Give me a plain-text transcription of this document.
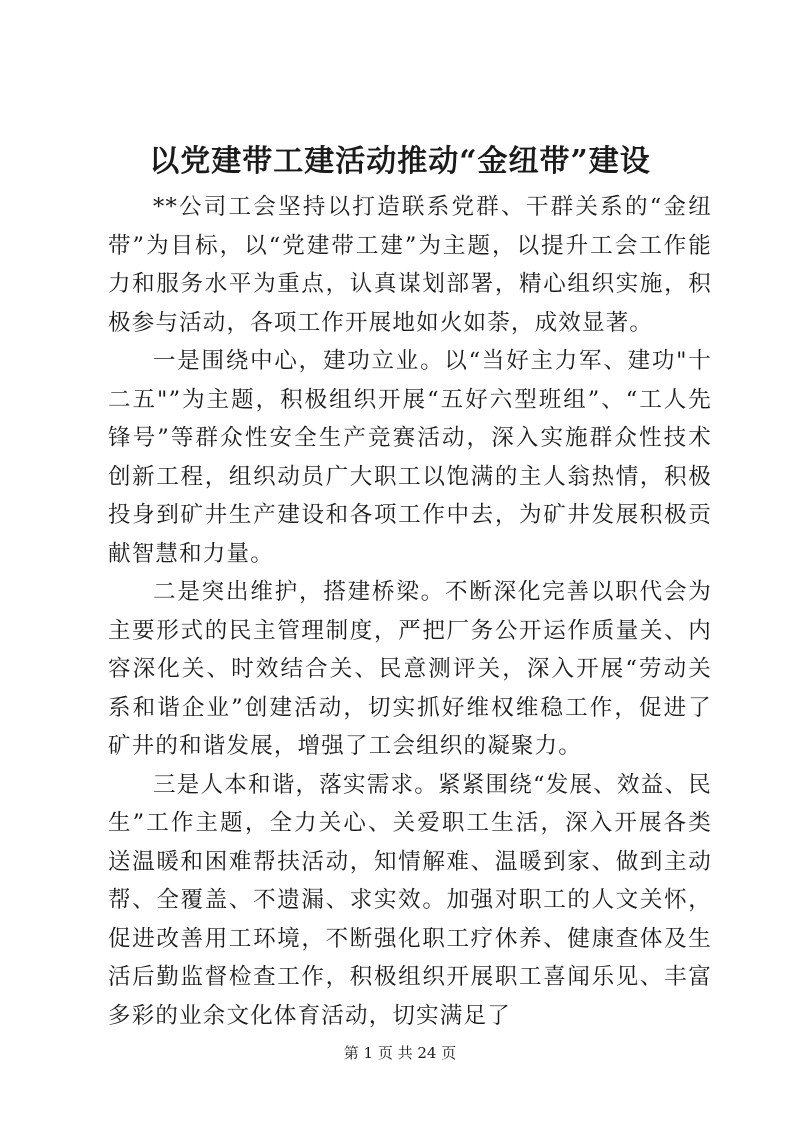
以党建带工建活动推动“金纽带”建设

**公司工会坚持以打造联系党群、干群关系的“金纽带”为目标，以“党建带工建”为主题，以提升工会工作能力和服务水平为重点，认真谋划部署，精心组织实施，积极参与活动，各项工作开展地如火如荼，成效显著。

一是围绕中心，建功立业。以“当好主力军、建功"十二五"”为主题，积极组织开展“五好六型班组”、“工人先锋号”等群众性安全生产竞赛活动，深入实施群众性技术创新工程，组织动员广大职工以饱满的主人翁热情，积极投身到矿井生产建设和各项工作中去，为矿井发展积极贡献智慧和力量。

二是突出维护，搭建桥梁。不断深化完善以职代会为主要形式的民主管理制度，严把厂务公开运作质量关、内容深化关、时效结合关、民意测评关，深入开展“劳动关系和谐企业”创建活动，切实抓好维权维稳工作，促进了矿井的和谐发展，增强了工会组织的凝聚力。

三是人本和谐，落实需求。紧紧围绕“发展、效益、民生”工作主题，全力关心、关爱职工生活，深入开展各类送温暖和困难帮扶活动，知情解难、温暖到家、做到主动帮、全覆盖、不遗漏、求实效。加强对职工的人文关怀，促进改善用工环境，不断强化职工疗休养、健康查体及生活后勤监督检查工作，积极组织开展职工喜闻乐见、丰富多彩的业余文化体育活动，切实满足了

第 1 页 共 24 页
